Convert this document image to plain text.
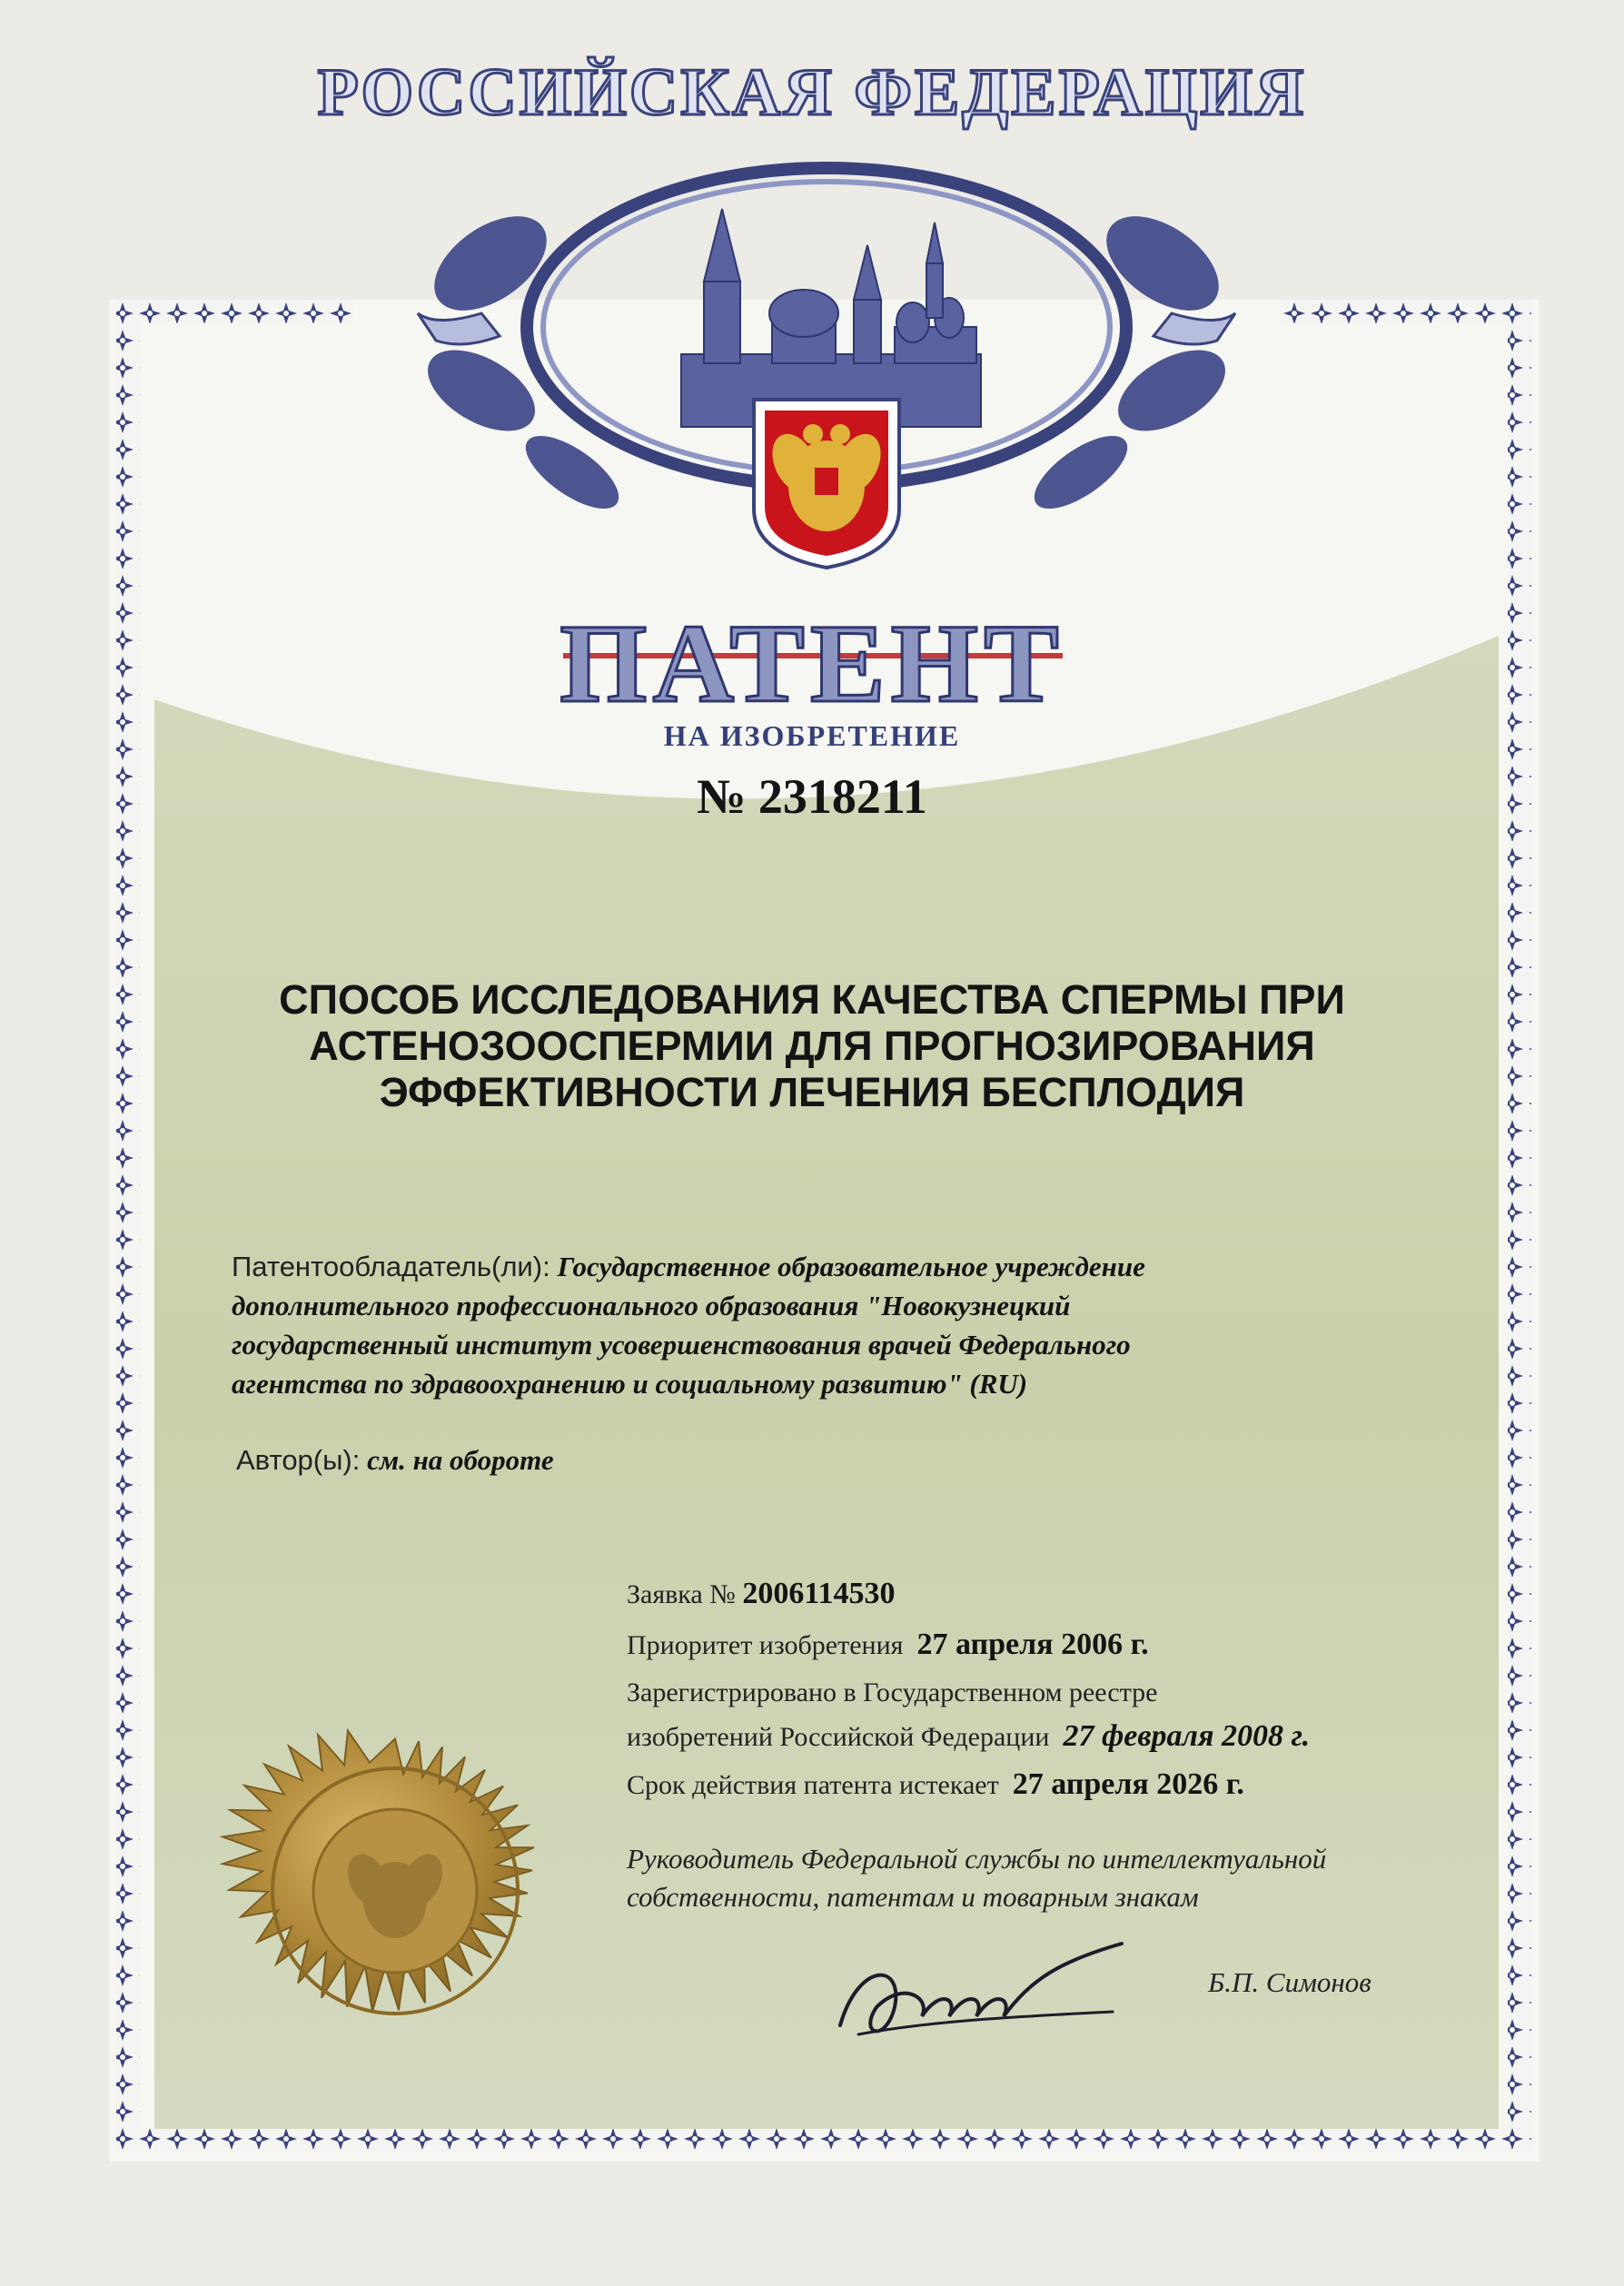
РОССИЙСКАЯ ФЕДЕРАЦИЯ
ПАТЕНТ
НА ИЗОБРЕТЕНИЕ
№ 2318211
СПОСОБ ИССЛЕДОВАНИЯ КАЧЕСТВА СПЕРМЫ ПРИ
АСТЕНОЗООСПЕРМИИ ДЛЯ ПРОГНОЗИРОВАНИЯ
ЭФФЕКТИВНОСТИ ЛЕЧЕНИЯ БЕСПЛОДИЯ
Патентообладатель(ли): Государственное образовательное учреждение
дополнительного профессионального образования "Новокузнецкий
государственный институт усовершенствования врачей Федерального
агентства по здравоохранению и социальному развитию" (RU)
Автор(ы): см. на обороте
Заявка № 2006114530
Приоритет изобретения 27 апреля 2006 г.
Зарегистрировано в Государственном реестре
изобретений Российской Федерации 27 февраля 2008 г.
Срок действия патента истекает 27 апреля 2026 г.
Руководитель Федеральной службы по интеллектуальной
собственности, патентам и товарным знакам
Б.П. Симонов
